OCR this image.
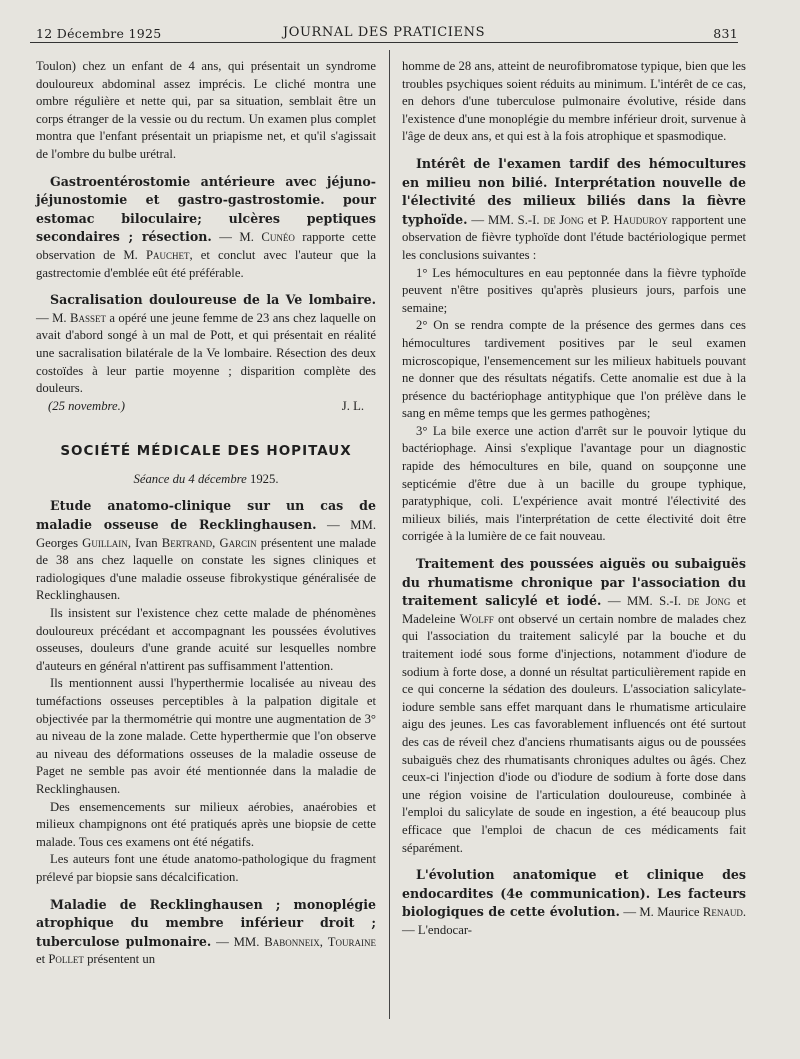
12 Décembre 1925	JOURNAL DES PRATICIENS	831

Toulon) chez un enfant de 4 ans, qui présentait un syndrome douloureux abdominal assez imprécis. Le cliché montra une ombre régulière et nette qui, par sa situation, semblait être un corps étranger de la vessie ou du rectum. Un examen plus complet montra que l'enfant présentait un priapisme net, et qu'il s'agissait de l'ombre du bulbe urétral.

Gastroentérostomie antérieure avec jéjuno-jéjunostomie et gastro-gastrostomie. pour estomac biloculaire; ulcères peptiques secondaires ; résection. — M. Cunéo rapporte cette observation de M. Pauchet, et conclut avec l'auteur que la gastrectomie d'emblée eût été préférable.

Sacralisation douloureuse de la Ve lombaire. — M. Basset a opéré une jeune femme de 23 ans chez laquelle on avait d'abord songé à un mal de Pott, et qui présentait en réalité une sacralisation bilatérale de la Ve lombaire. Résection des deux costoïdes à leur partie moyenne ; disparition complète des douleurs.

(25 novembre.)	J. L.
SOCIÉTÉ MÉDICALE DES HOPITAUX
Séance du 4 décembre 1925.

Etude anatomo-clinique sur un cas de maladie osseuse de Recklinghausen. — MM. Georges Guillain, Ivan Bertrand, Garcin présentent une malade de 38 ans chez laquelle on constate les signes cliniques et radiologiques d'une maladie osseuse fibrokystique généralisée de Recklinghausen.

Ils insistent sur l'existence chez cette malade de phénomènes douloureux précédant et accompagnant les poussées évolutives osseuses, douleurs d'une grande acuité sur lesquelles nombre d'auteurs en général n'attirent pas suffisamment l'attention.

Ils mentionnent aussi l'hyperthermie localisée au niveau des tuméfactions osseuses perceptibles à la palpation digitale et objectivée par la thermométrie qui montre une augmentation de 3° au niveau de la zone malade. Cette hyperthermie que l'on observe au niveau des déformations osseuses de la maladie osseuse de Paget ne semble pas avoir été mentionnée dans la maladie de Recklinghausen.

Des ensemencements sur milieux aérobies, anaérobies et milieux champignons ont été pratiqués après une biopsie de cette malade. Tous ces examens ont été négatifs.

Les auteurs font une étude anatomo-pathologique du fragment prélevé par biopsie sans décalcification.

Maladie de Recklinghausen ; monoplégie atrophique du membre inférieur droit ; tuberculose pulmonaire. — MM. Babonneix, Touraine et Pollet présentent un

homme de 28 ans, atteint de neurofibromatose typique, bien que les troubles psychiques soient réduits au minimum. L'intérêt de ce cas, en dehors d'une tuberculose pulmonaire évolutive, réside dans l'existence d'une monoplégie du membre inférieur droit, survenue à l'âge de deux ans, et qui est à la fois atrophique et spasmodique.

Intérêt de l'examen tardif des hémocultures en milieu non bilié. Interprétation nouvelle de l'électivité des milieux biliés dans la fièvre typhoïde. — MM. S.-I. de Jong et P. Hauduroy rapportent une observation de fièvre typhoïde dont l'étude bactériologique permet les conclusions suivantes :

1° Les hémocultures en eau peptonnée dans la fièvre typhoïde peuvent n'être positives qu'après plusieurs jours, parfois une semaine;

2° On se rendra compte de la présence des germes dans ces hémocultures tardivement positives par le seul examen microscopique, l'ensemencement sur les milieux habituels pouvant ne donner que des résultats négatifs. Cette anomalie est due à la présence du bactériophage antityphique que l'on prélève dans le sang en même temps que les germes pathogènes;

3° La bile exerce une action d'arrêt sur le pouvoir lytique du bactériophage. Ainsi s'explique l'avantage pour un diagnostic rapide des hémocultures en bile, quand on soupçonne une septicémie d'être due à un bacille du groupe typhique, paratyphique, coli. L'expérience avait montré l'électivité des milieux biliés, mais l'interprétation de cette électivité doit être corrigée à la lumière de ce fait nouveau.

Traitement des poussées aiguës ou subaiguës du rhumatisme chronique par l'association du traitement salicylé et iodé. — MM. S.-I. de Jong et Madeleine Wolff ont observé un certain nombre de malades chez qui l'association du traitement salicylé par la bouche et du traitement iodé sous forme d'injections, notamment d'iodure de sodium à forte dose, a donné un résultat particulièrement rapide en ce qui concerne la sédation des douleurs. L'association salicylate-iodure semble sans effet marquant dans le rhumatisme articulaire aigu des jeunes. Les cas favorablement influencés ont été surtout des cas de réveil chez d'anciens rhumatisants aigus ou de poussées subaiguës chez des rhumatisants chroniques adultes ou âgés. Chez ceux-ci l'injection d'iode ou d'iodure de sodium à forte dose dans une région voisine de l'articulation douloureuse, combinée à l'emploi du salicylate de soude en ingestion, a été beaucoup plus efficace que l'emploi de chacun de ces médicaments fait séparément.

L'évolution anatomique et clinique des endocardites (4e communication). Les facteurs biologiques de cette évolution. — M. Maurice Renaud. — L'endocar-
